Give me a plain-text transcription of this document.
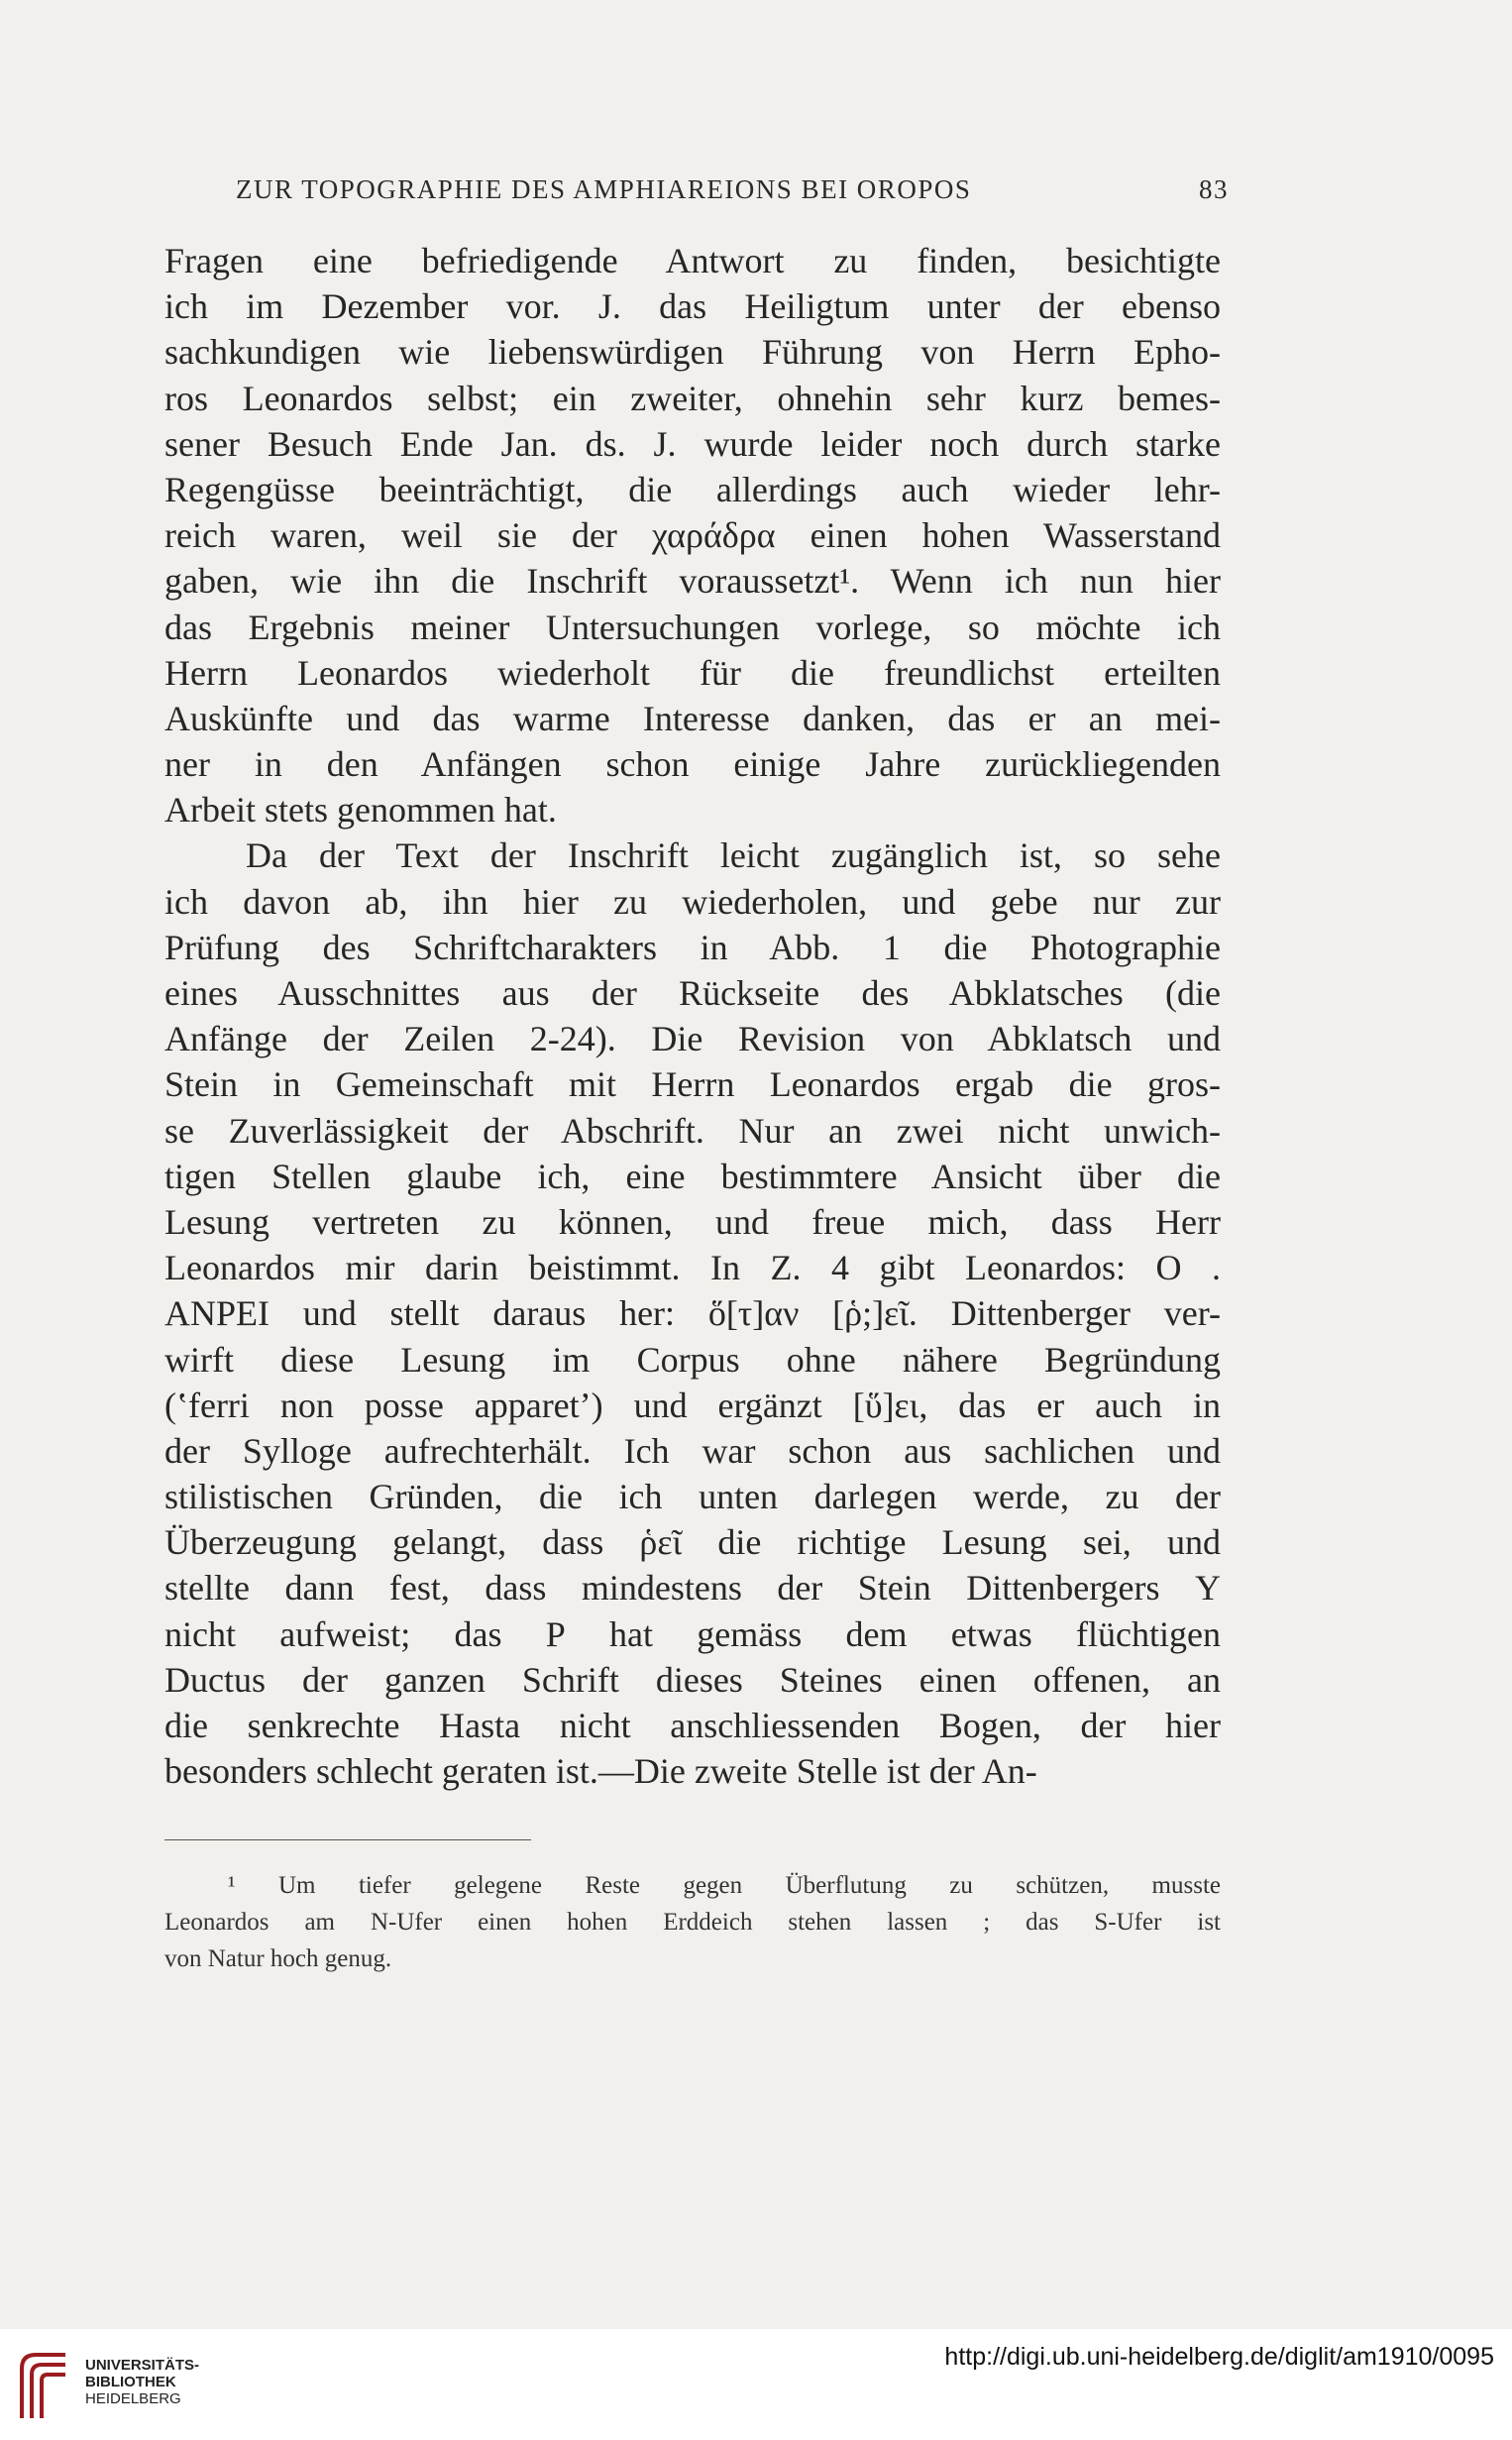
ZUR TOPOGRAPHIE DES AMPHIAREIONS BEI OROPOS	83
Fragen eine befriedigende Antwort zu finden, besichtigte
ich im Dezember vor. J. das Heiligtum unter der ebenso
sachkundigen wie liebenswürdigen Führung von Herrn Epho-
ros Leonardos selbst; ein zweiter, ohnehin sehr kurz bemes-
sener Besuch Ende Jan. ds. J. wurde leider noch durch starke
Regengüsse beeinträchtigt, die allerdings auch wieder lehr-
reich waren, weil sie der χαράδρα einen hohen Wasserstand
gaben, wie ihn die Inschrift voraussetzt¹. Wenn ich nun hier
das Ergebnis meiner Untersuchungen vorlege, so möchte ich
Herrn Leonardos wiederholt für die freundlichst erteilten
Auskünfte und das warme Interesse danken, das er an mei-
ner in den Anfängen schon einige Jahre zurückliegenden
Arbeit stets genommen hat.
Da der Text der Inschrift leicht zugänglich ist, so sehe
ich davon ab, ihn hier zu wiederholen, und gebe nur zur
Prüfung des Schriftcharakters in Abb. 1 die Photographie
eines Ausschnittes aus der Rückseite des Abklatsches (die
Anfänge der Zeilen 2-24). Die Revision von Abklatsch und
Stein in Gemeinschaft mit Herrn Leonardos ergab die gros-
se Zuverlässigkeit der Abschrift. Nur an zwei nicht unwich-
tigen Stellen glaube ich, eine bestimmtere Ansicht über die
Lesung vertreten zu können, und freue mich, dass Herr
Leonardos mir darin beistimmt. In Z. 4 gibt Leonardos: O .
ΑΝΡΕΙ und stellt daraus her: ὅ[τ]αν [ῥ;]εῖ. Dittenberger ver-
wirft diese Lesung im Corpus ohne nähere Begründung
(ʽferri non posse apparetʼ) und ergänzt [ὕ]ει, das er auch in
der Sylloge aufrechterhält. Ich war schon aus sachlichen und
stilistischen Gründen, die ich unten darlegen werde, zu der
Überzeugung gelangt, dass ῥεῖ die richtige Lesung sei, und
stellte dann fest, dass mindestens der Stein Dittenbergers Υ
nicht aufweist; das Ρ hat gemäss dem etwas flüchtigen
Ductus der ganzen Schrift dieses Steines einen offenen, an
die senkrechte Hasta nicht anschliessenden Bogen, der hier
besonders schlecht geraten ist.—Die zweite Stelle ist der An-
¹ Um tiefer gelegene Reste gegen Überflutung zu schützen, musste
Leonardos am N-Ufer einen hohen Erddeich stehen lassen ; das S-Ufer ist
von Natur hoch genug.
UNIVERSITÄTS-
BIBLIOTHEK
HEIDELBERG
http://digi.ub.uni-heidelberg.de/diglit/am1910/0095
